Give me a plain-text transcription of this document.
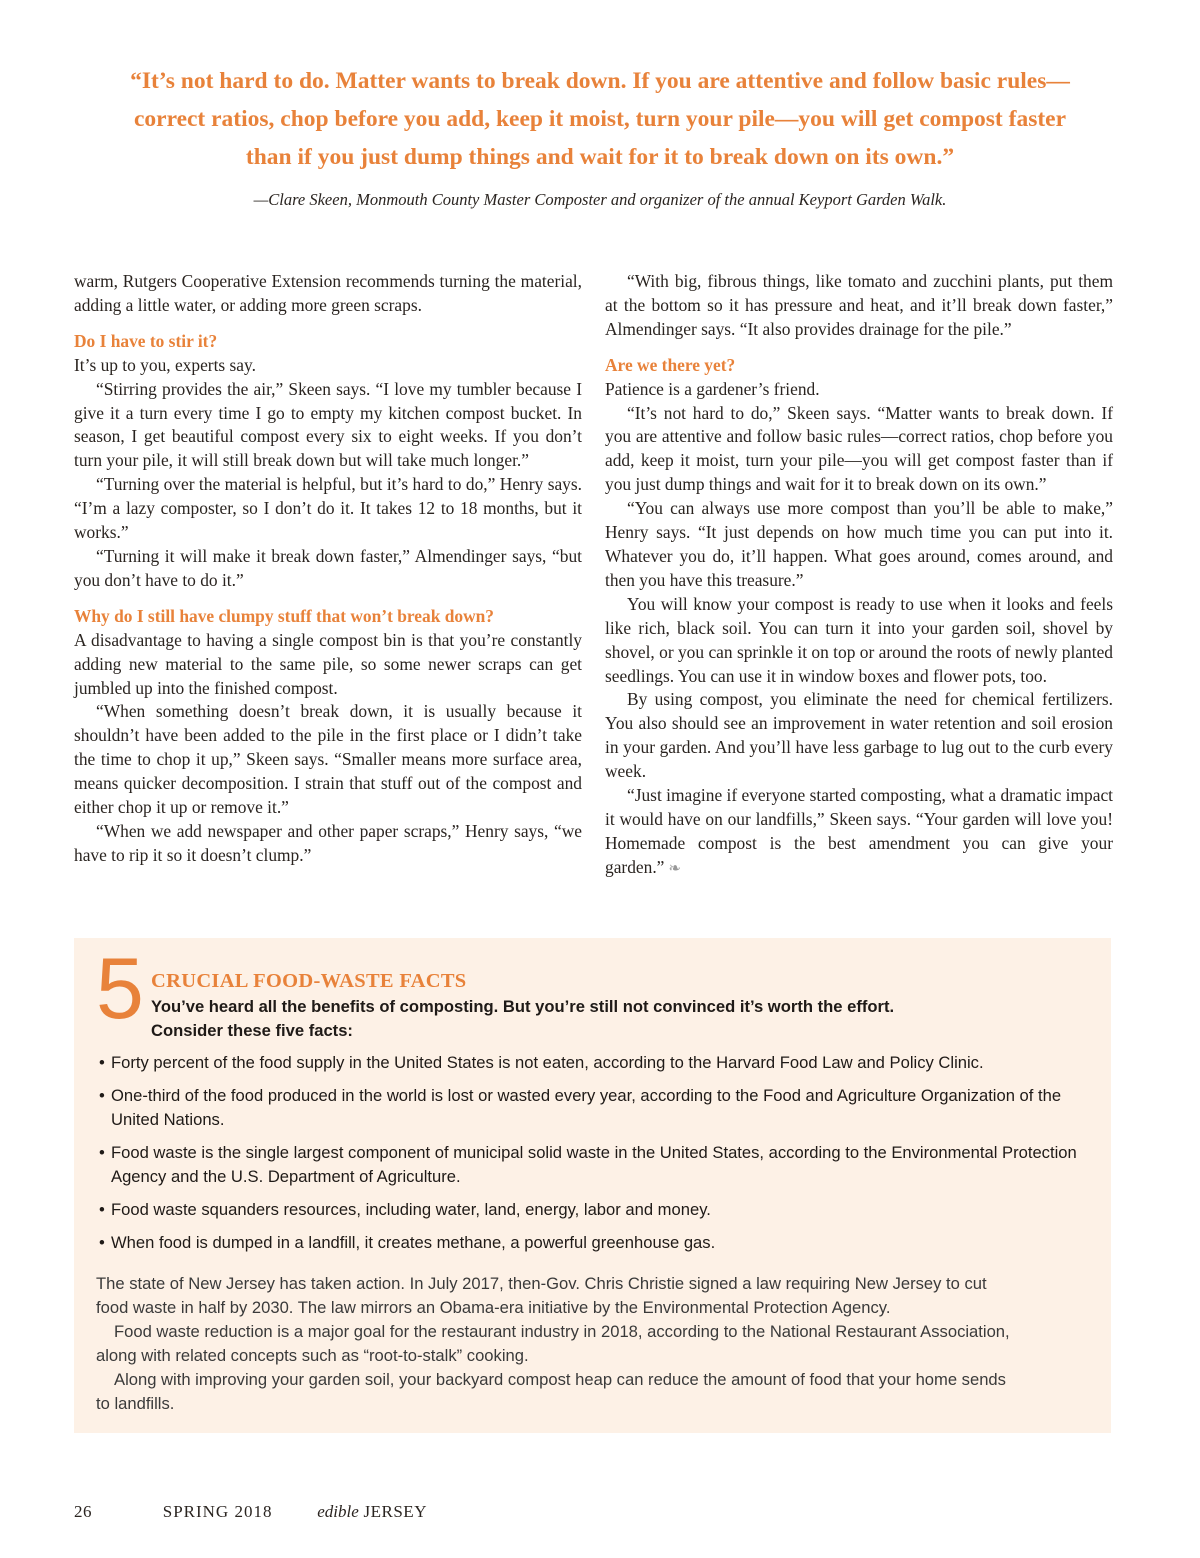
“It’s not hard to do. Matter wants to break down. If you are attentive and follow basic rules—
correct ratios, chop before you add, keep it moist, turn your pile—you will get compost faster
than if you just dump things and wait for it to break down on its own.”
—Clare Skeen, Monmouth County Master Composter and organizer of the annual Keyport Garden Walk.

warm, Rutgers Cooperative Extension recommends turning the material, adding a little water, or adding more green scraps.

Do I have to stir it?

It’s up to you, experts say.

“Stirring provides the air,” Skeen says. “I love my tumbler because I give it a turn every time I go to empty my kitchen compost bucket. In season, I get beautiful compost every six to eight weeks. If you don’t turn your pile, it will still break down but will take much longer.”

“Turning over the material is helpful, but it’s hard to do,” Henry says. “I’m a lazy composter, so I don’t do it. It takes 12 to 18 months, but it works.”

“Turning it will make it break down faster,” Almendinger says, “but you don’t have to do it.”

Why do I still have clumpy stuff that won’t break down?

A disadvantage to having a single compost bin is that you’re constantly adding new material to the same pile, so some newer scraps can get jumbled up into the finished compost.

“When something doesn’t break down, it is usually because it shouldn’t have been added to the pile in the first place or I didn’t take the time to chop it up,” Skeen says. “Smaller means more surface area, means quicker decomposition. I strain that stuff out of the compost and either chop it up or remove it.”

“When we add newspaper and other paper scraps,” Henry says, “we have to rip it so it doesn’t clump.”

“With big, fibrous things, like tomato and zucchini plants, put them at the bottom so it has pressure and heat, and it’ll break down faster,” Almendinger says. “It also provides drainage for the pile.”

Are we there yet?

Patience is a gardener’s friend.

“It’s not hard to do,” Skeen says. “Matter wants to break down. If you are attentive and follow basic rules—correct ratios, chop before you add, keep it moist, turn your pile—you will get compost faster than if you just dump things and wait for it to break down on its own.”

“You can always use more compost than you’ll be able to make,” Henry says. “It just depends on how much time you can put into it. Whatever you do, it’ll happen. What goes around, comes around, and then you have this treasure.”

You will know your compost is ready to use when it looks and feels like rich, black soil. You can turn it into your garden soil, shovel by shovel, or you can sprinkle it on top or around the roots of newly planted seedlings. You can use it in window boxes and flower pots, too.

By using compost, you eliminate the need for chemical fertilizers. You also should see an improvement in water retention and soil erosion in your garden. And you’ll have less garbage to lug out to the curb every week.

“Just imagine if everyone started composting, what a dramatic impact it would have on our landfills,” Skeen says. “Your garden will love you! Homemade compost is the best amendment you can give your garden.” ❧

5 CRUCIAL FOOD-WASTE FACTS
You’ve heard all the benefits of composting. But you’re still not convinced it’s worth the effort.
Consider these five facts:
• Forty percent of the food supply in the United States is not eaten, according to the Harvard Food Law and Policy Clinic.
• One-third of the food produced in the world is lost or wasted every year, according to the Food and Agriculture Organization of the United Nations.
• Food waste is the single largest component of municipal solid waste in the United States, according to the Environmental Protection Agency and the U.S. Department of Agriculture.
• Food waste squanders resources, including water, land, energy, labor and money.
• When food is dumped in a landfill, it creates methane, a powerful greenhouse gas.

The state of New Jersey has taken action. In July 2017, then-Gov. Chris Christie signed a law requiring New Jersey to cut food waste in half by 2030. The law mirrors an Obama-era initiative by the Environmental Protection Agency.

Food waste reduction is a major goal for the restaurant industry in 2018, according to the National Restaurant Association, along with related concepts such as “root-to-stalk” cooking.

Along with improving your garden soil, your backyard compost heap can reduce the amount of food that your home sends to landfills.

26	SPRING 2018	edible JERSEY
